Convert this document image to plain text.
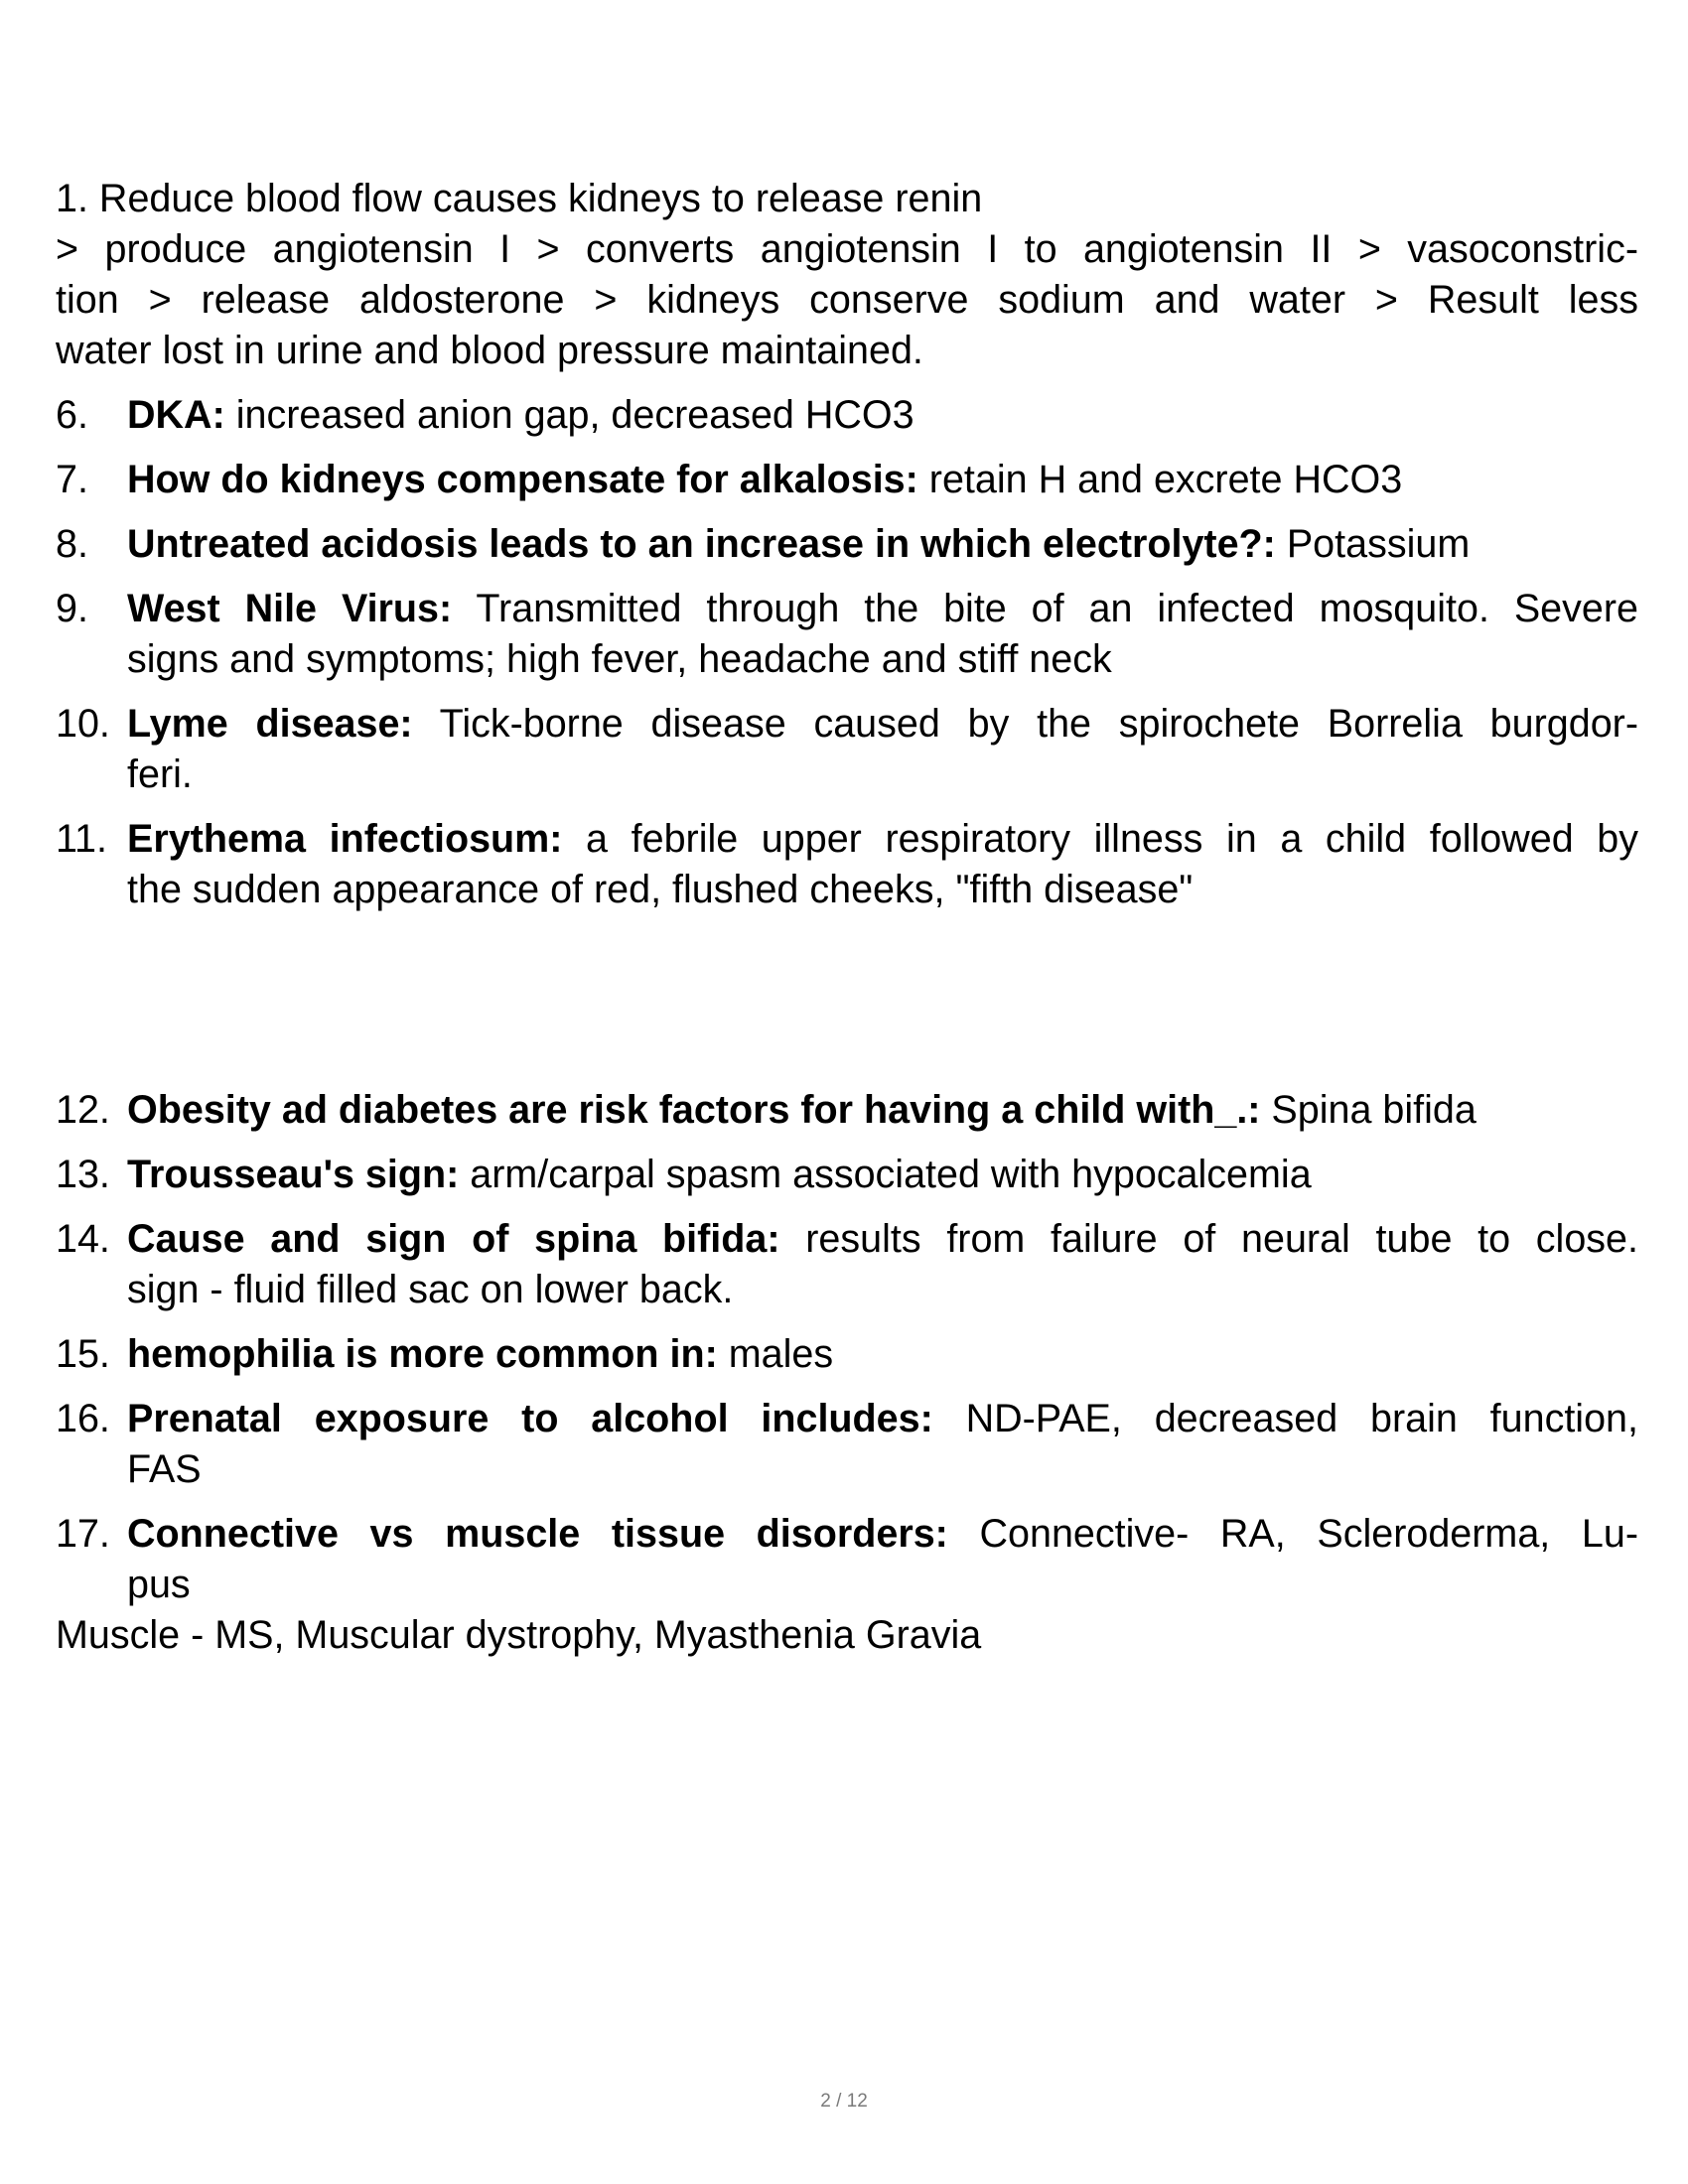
1. Reduce blood flow causes kidneys to release renin
> produce angiotensin I > converts angiotensin I to angiotensin II > vasoconstric-
tion > release aldosterone > kidneys conserve sodium and water > Result less
water lost in urine and blood pressure maintained.
6. DKA: increased anion gap, decreased HCO3
7. How do kidneys compensate for alkalosis: retain H and excrete HCO3
8. Untreated acidosis leads to an increase in which electrolyte?: Potassium
9. West Nile Virus: Transmitted through the bite of an infected mosquito. Severe
signs and symptoms; high fever, headache and stiff neck
10. Lyme disease: Tick-borne disease caused by the spirochete Borrelia burgdor-
feri.
11. Erythema infectiosum: a febrile upper respiratory illness in a child followed by
the sudden appearance of red, flushed cheeks, "fifth disease"
12. Obesity ad diabetes are risk factors for having a child with_.: Spina bifida
13. Trousseau's sign: arm/carpal spasm associated with hypocalcemia
14. Cause and sign of spina bifida: results from failure of neural tube to close.
sign - fluid filled sac on lower back.
15. hemophilia is more common in: males
16. Prenatal exposure to alcohol includes: ND-PAE, decreased brain function,
FAS
17. Connective vs muscle tissue disorders: Connective- RA, Scleroderma, Lu-
pus
Muscle - MS, Muscular dystrophy, Myasthenia Gravia
2 / 12
